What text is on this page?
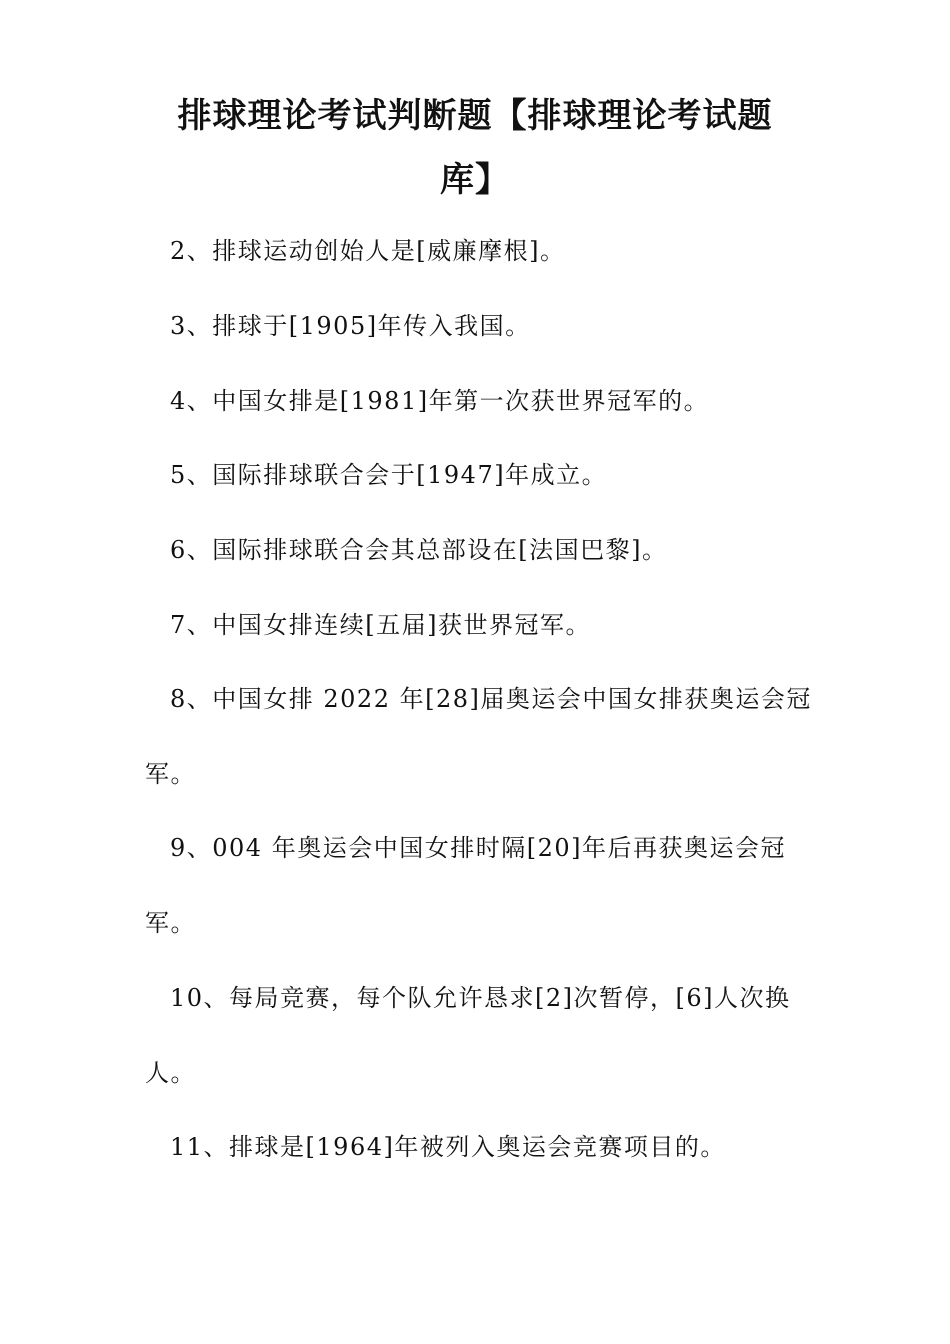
排球理论考试判断题【排球理论考试题
库】

2、排球运动创始人是[威廉摩根]。

3、排球于[1905]年传入我国。

4、中国女排是[1981]年第一次获世界冠军的。

5、国际排球联合会于[1947]年成立。

6、国际排球联合会其总部设在[法国巴黎]。

7、中国女排连续[五届]获世界冠军。

8、中国女排 2022 年[28]届奥运会中国女排获奥运会冠

军。

9、004 年奥运会中国女排时隔[20]年后再获奥运会冠

军。

10、每局竞赛，每个队允许恳求[2]次暂停，[6]人次换

人。

11、排球是[1964]年被列入奥运会竞赛项目的。
